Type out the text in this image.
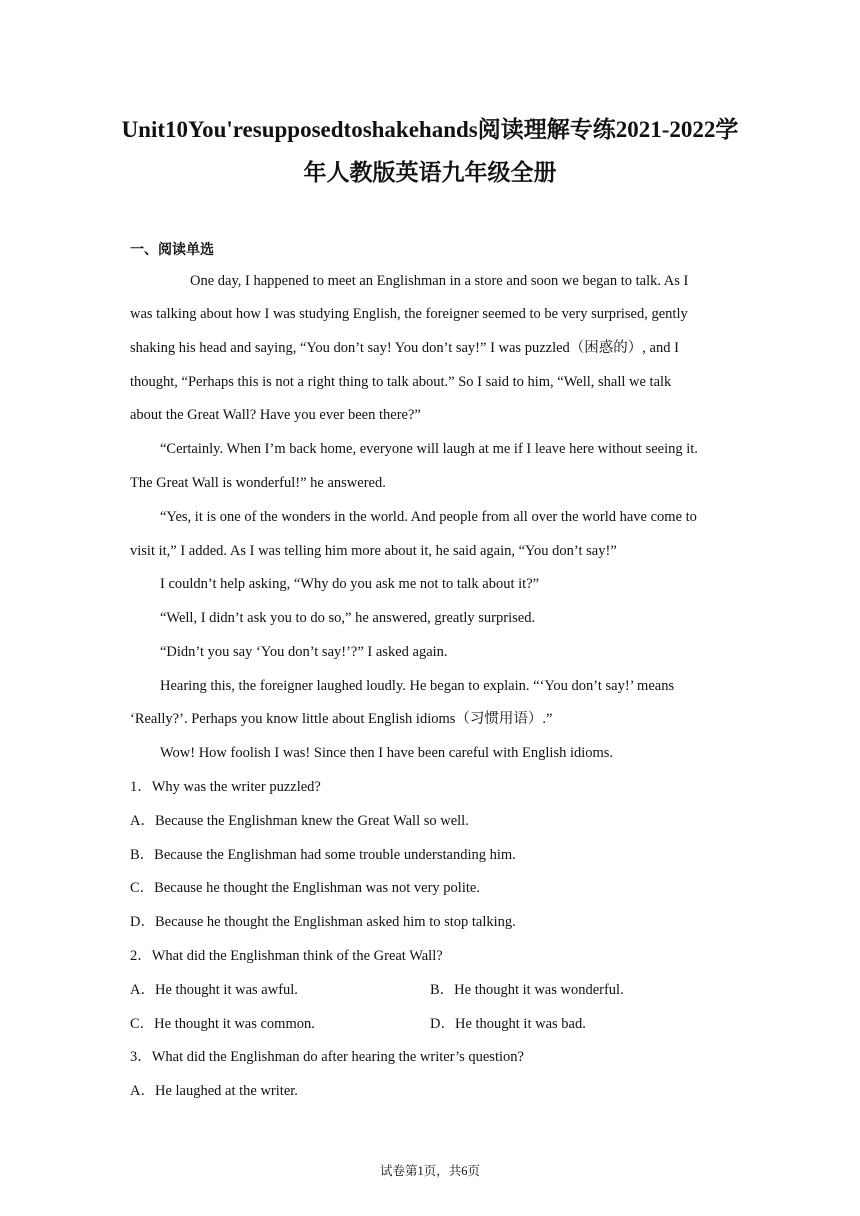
Unit10You'resupposedtoshakehands阅读理解专练2021-2022学
年人教版英语九年级全册
一、阅读单选
One day, I happened to meet an Englishman in a store and soon we began to talk. As I
was talking about how I was studying English, the foreigner seemed to be very surprised, gently
shaking his head and saying, “You don’t say! You don’t say!” I was puzzled（困惑的）, and I
thought, “Perhaps this is not a right thing to talk about.” So I said to him, “Well, shall we talk
about the Great Wall? Have you ever been there?”
“Certainly. When I’m back home, everyone will laugh at me if I leave here without seeing it.
The Great Wall is wonderful!” he answered.
“Yes, it is one of the wonders in the world. And people from all over the world have come to
visit it,” I added. As I was telling him more about it, he said again, “You don’t say!”
I couldn’t help asking, “Why do you ask me not to talk about it?”
“Well, I didn’t ask you to do so,” he answered, greatly surprised.
“Didn’t you say ‘You don’t say!’?” I asked again.
Hearing this, the foreigner laughed loudly. He began to explain. “‘You don’t say!’ means
‘Really?’. Perhaps you know little about English idioms（习惯用语）.”
Wow! How foolish I was! Since then I have been careful with English idioms.
1．Why was the writer puzzled?
A．Because the Englishman knew the Great Wall so well.
B．Because the Englishman had some trouble understanding him.
C．Because he thought the Englishman was not very polite.
D．Because he thought the Englishman asked him to stop talking.
2．What did the Englishman think of the Great Wall?
A．He thought it was awful.	B．He thought it was wonderful.
C．He thought it was common.	D．He thought it was bad.
3．What did the Englishman do after hearing the writer’s question?
A．He laughed at the writer.
试卷第1页，共6页
